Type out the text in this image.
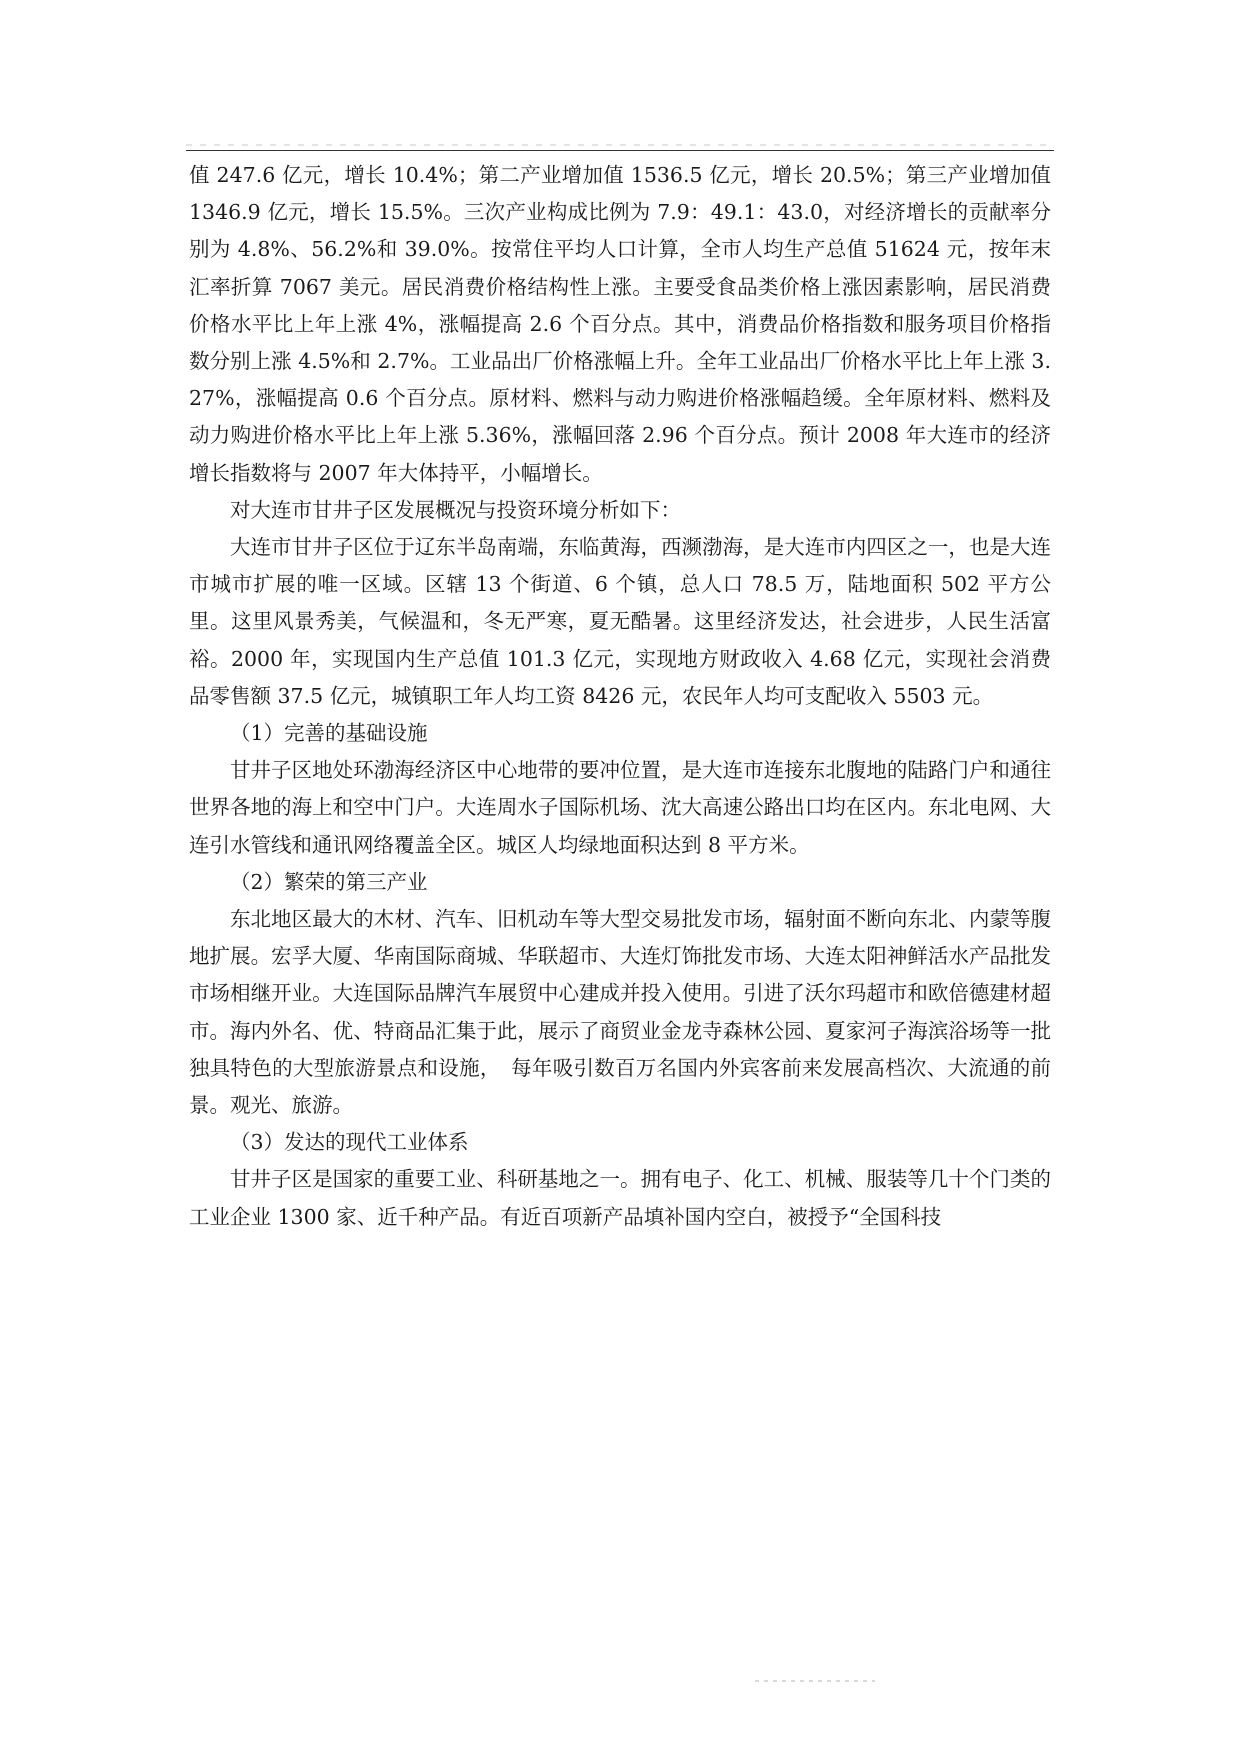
值 247.6 亿元，增长 10.4%；第二产业增加值 1536.5 亿元，增长 20.5%；第三产业增加值 1346.9 亿元，增长 15.5%。三次产业构成比例为 7.9：49.1：43.0，对经济增长的贡献率分别为 4.8%、56.2%和 39.0%。按常住平均人口计算，全市人均生产总值 51624 元，按年末汇率折算 7067 美元。居民消费价格结构性上涨。主要受食品类价格上涨因素影响，居民消费价格水平比上年上涨 4%，涨幅提高 2.6 个百分点。其中，消费品价格指数和服务项目价格指数分别上涨 4.5%和 2.7%。工业品出厂价格涨幅上升。全年工业品出厂价格水平比上年上涨 3.27%，涨幅提高 0.6 个百分点。原材料、燃料与动力购进价格涨幅趋缓。全年原材料、燃料及动力购进价格水平比上年上涨 5.36%，涨幅回落 2.96 个百分点。预计 2008 年大连市的经济增长指数将与 2007 年大体持平，小幅增长。

对大连市甘井子区发展概况与投资环境分析如下：

大连市甘井子区位于辽东半岛南端，东临黄海，西濒渤海，是大连市内四区之一，也是大连市城市扩展的唯一区域。区辖 13 个街道、6 个镇，总人口 78.5 万，陆地面积 502 平方公里。这里风景秀美，气候温和，冬无严寒，夏无酷暑。这里经济发达，社会进步，人民生活富裕。2000 年，实现国内生产总值 101.3 亿元，实现地方财政收入 4.68 亿元，实现社会消费品零售额 37.5 亿元，城镇职工年人均工资 8426 元，农民年人均可支配收入 5503 元。

（1）完善的基础设施

甘井子区地处环渤海经济区中心地带的要冲位置，是大连市连接东北腹地的陆路门户和通往世界各地的海上和空中门户。大连周水子国际机场、沈大高速公路出口均在区内。东北电网、大连引水管线和通讯网络覆盖全区。城区人均绿地面积达到 8 平方米。

（2）繁荣的第三产业

东北地区最大的木材、汽车、旧机动车等大型交易批发市场，辐射面不断向东北、内蒙等腹地扩展。宏孚大厦、华南国际商城、华联超市、大连灯饰批发市场、大连太阳神鲜活水产品批发市场相继开业。大连国际品牌汽车展贸中心建成并投入使用。引进了沃尔玛超市和欧倍德建材超市。海内外名、优、特商品汇集于此，展示了商贸业金龙寺森林公园、夏家河子海滨浴场等一批独具特色的大型旅游景点和设施，　每年吸引数百万名国内外宾客前来发展高档次、大流通的前景。观光、旅游。

（3）发达的现代工业体系

甘井子区是国家的重要工业、科研基地之一。拥有电子、化工、机械、服装等几十个门类的工业企业 1300 家、近千种产品。有近百项新产品填补国内空白，被授予“全国科技
